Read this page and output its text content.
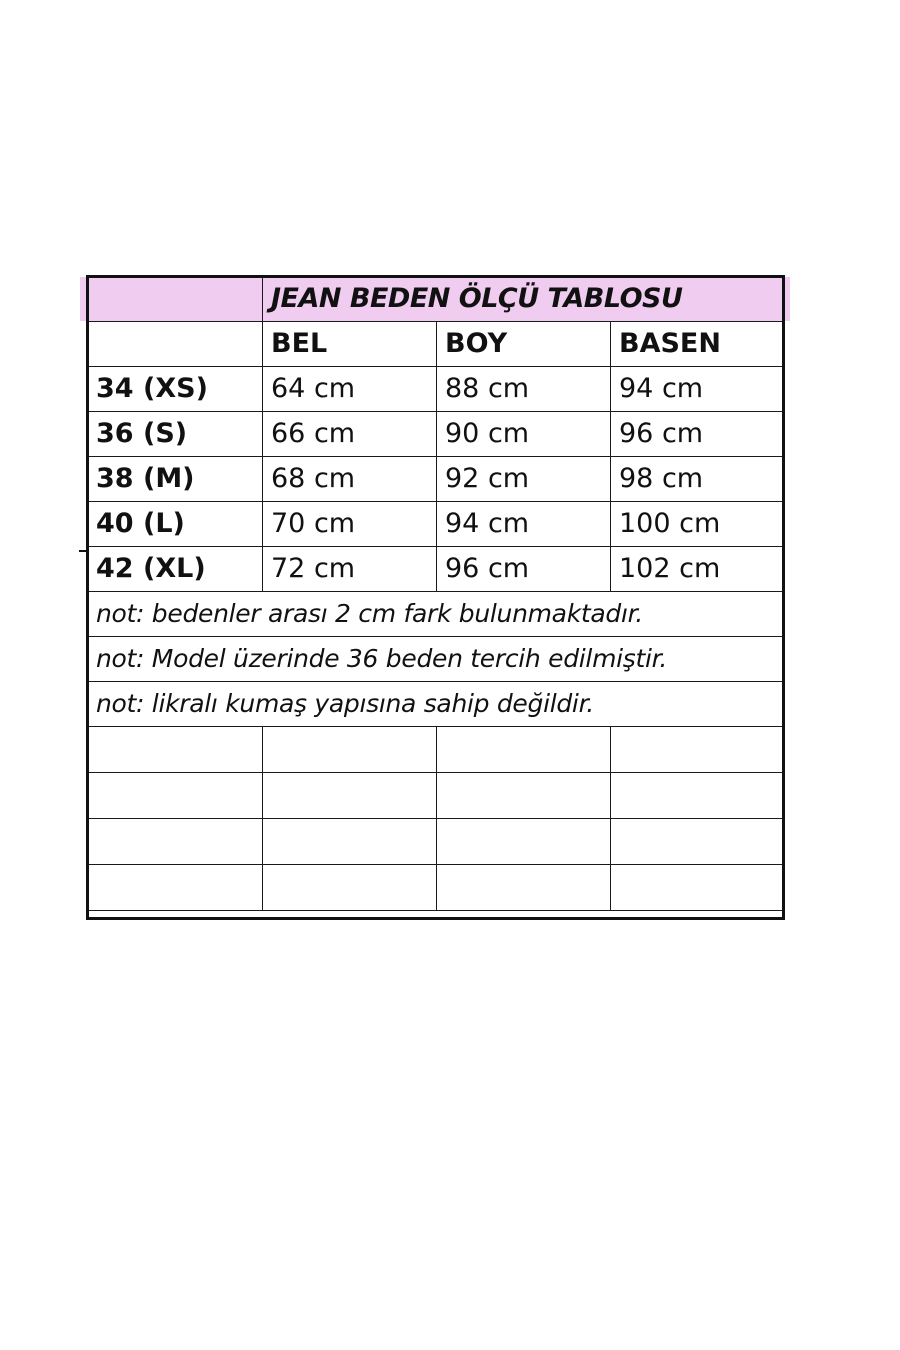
	JEAN BEDEN ÖLÇÜ TABLOSU		
	BEL	BOY	BASEN
34 (XS)	64 cm	88 cm	94 cm
36 (S)	66 cm	90 cm	96 cm
38 (M)	68 cm	92 cm	98 cm
40 (L)	70 cm	94 cm	100 cm
42 (XL)	72 cm	96 cm	102 cm
not: bedenler arası 2 cm fark bulunmaktadır.			
not: Model üzerinde 36 beden tercih edilmiştir.			
not: likralı kumaş yapısına sahip değildir.			
